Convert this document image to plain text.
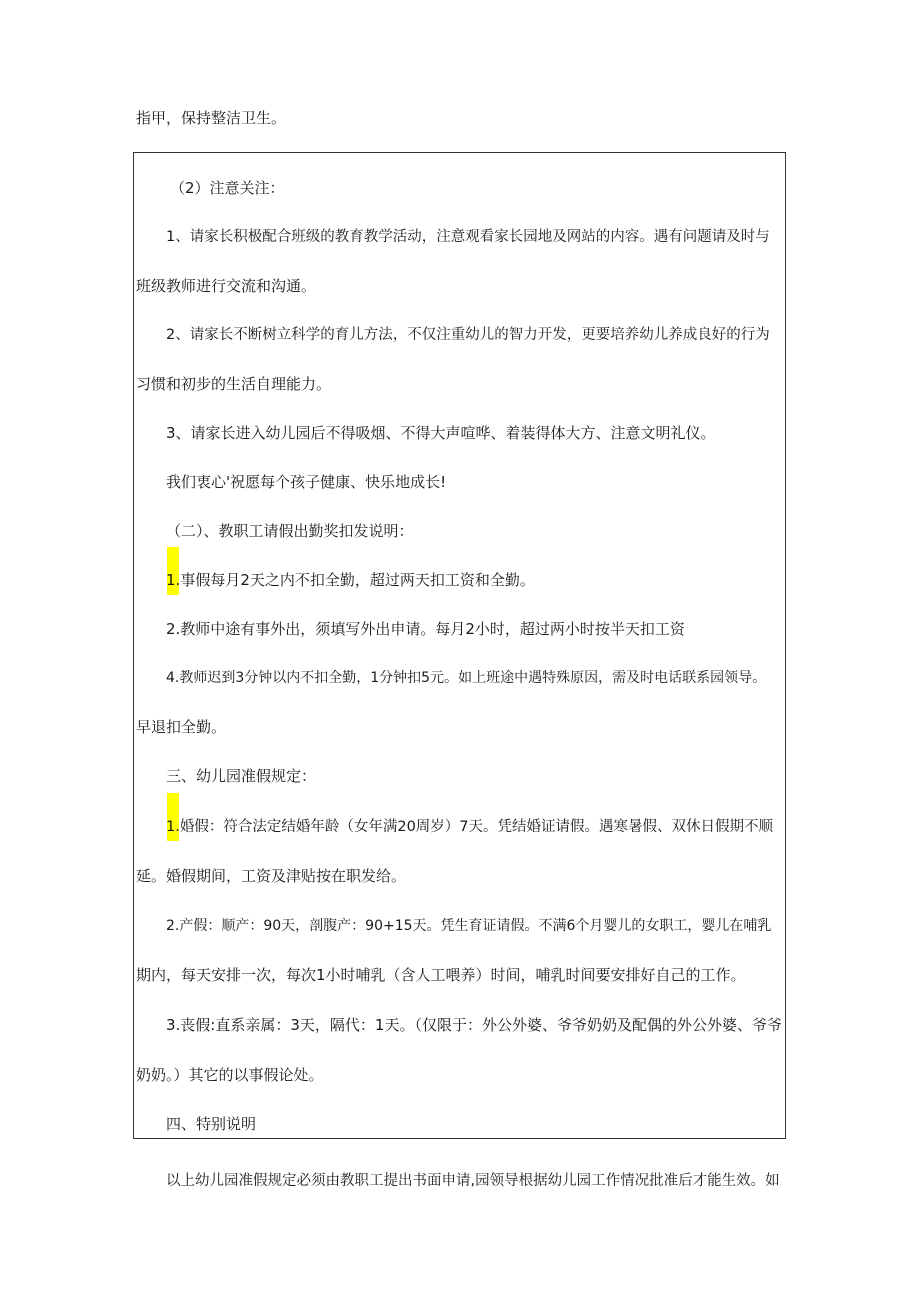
指甲，保持整洁卫生。

（2）注意关注：

1、请家长积极配合班级的教育教学活动，注意观看家长园地及网站的内容。遇有问题请及时与

班级教师进行交流和沟通。

2、请家长不断树立科学的育儿方法，不仅注重幼儿的智力开发，更要培养幼儿养成良好的行为

习惯和初步的生活自理能力。

3、请家长进入幼儿园后不得吸烟、不得大声喧哗、着装得体大方、注意文明礼仪。

我们衷心'祝愿每个孩子健康、快乐地成长!

（二）、教职工请假出勤奖扣发说明：

1.事假每月2天之内不扣全勤，超过两天扣工资和全勤。

2.教师中途有事外出，须填写外出申请。每月2小时，超过两小时按半天扣工资

4.教师迟到3分钟以内不扣全勤，1分钟扣5元。如上班途中遇特殊原因，需及时电话联系园领导。

早退扣全勤。

三、幼儿园准假规定：

1.婚假：符合法定结婚年龄（女年满20周岁）7天。凭结婚证请假。遇寒暑假、双休日假期不顺

延。婚假期间，工资及津贴按在职发给。

2.产假：顺产：90天，剖腹产：90+15天。凭生育证请假。不满6个月婴儿的女职工，婴儿在哺乳

期内，每天安排一次，每次1小时哺乳（含人工喂养）时间，哺乳时间要安排好自己的工作。

3.丧假:直系亲属：3天，隔代：1天。（仅限于：外公外婆、爷爷奶奶及配偶的外公外婆、爷爷

奶奶。）其它的以事假论处。

四、特别说明

以上幼儿园准假规定必须由教职工提出书面申请,园领导根据幼儿园工作情况批准后才能生效。如
